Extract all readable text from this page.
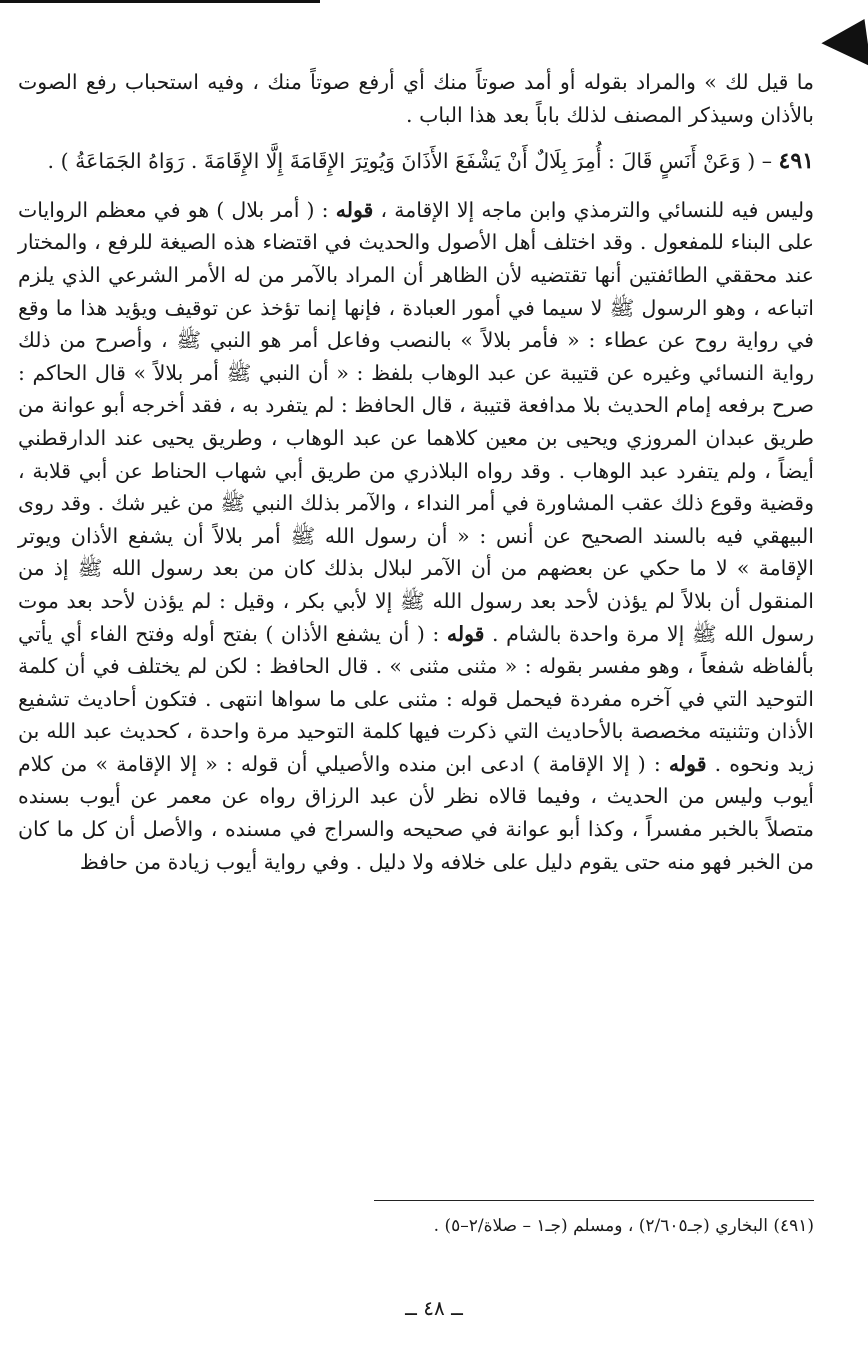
ما قيل لك » والمراد بقوله أو أمد صوتاً منك أي أرفع صوتاً منك ، وفيه استحباب رفع الصوت بالأذان وسيذكر المصنف لذلك باباً بعد هذا الباب .

٤٩١ – ( وَعَنْ أَنَسٍ قَالَ : أُمِرَ بِلَالٌ أَنْ يَشْفَعَ الأَذَانَ وَيُوتِرَ الإِقَامَةَ إِلَّا الإِقَامَةَ . رَوَاهُ الجَمَاعَةُ ) .

وليس فيه للنسائي والترمذي وابن ماجه إلا الإقامة ، قوله : ( أمر بلال ) هو في معظم الروايات على البناء للمفعول . وقد اختلف أهل الأصول والحديث في اقتضاء هذه الصيغة للرفع ، والمختار عند محققي الطائفتين أنها تقتضيه لأن الظاهر أن المراد بالآمر من له الأمر الشرعي الذي يلزم اتباعه ، وهو الرسول ﷺ لا سيما في أمور العبادة ، فإنها إنما تؤخذ عن توقيف ويؤيد هذا ما وقع في رواية روح عن عطاء : « فأمر بلالاً » بالنصب وفاعل أمر هو النبي ﷺ ، وأصرح من ذلك رواية النسائي وغيره عن قتيبة عن عبد الوهاب بلفظ : « أن النبي ﷺ أمر بلالاً » قال الحاكم : صرح برفعه إمام الحديث بلا مدافعة قتيبة ، قال الحافظ : لم يتفرد به ، فقد أخرجه أبو عوانة من طريق عبدان المروزي ويحيى بن معين كلاهما عن عبد الوهاب ، وطريق يحيى عند الدارقطني أيضاً ، ولم يتفرد عبد الوهاب . وقد رواه البلاذري من طريق أبي شهاب الحناط عن أبي قلابة ، وقضية وقوع ذلك عقب المشاورة في أمر النداء ، والآمر بذلك النبي ﷺ من غير شك . وقد روى البيهقي فيه بالسند الصحيح عن أنس : « أن رسول الله ﷺ أمر بلالاً أن يشفع الأذان ويوتر الإقامة » لا ما حكي عن بعضهم من أن الآمر لبلال بذلك كان من بعد رسول الله ﷺ إذ من المنقول أن بلالاً لم يؤذن لأحد بعد رسول الله ﷺ إلا لأبي بكر ، وقيل : لم يؤذن لأحد بعد موت رسول الله ﷺ إلا مرة واحدة بالشام . قوله : ( أن يشفع الأذان ) بفتح أوله وفتح الفاء أي يأتي بألفاظه شفعاً ، وهو مفسر بقوله : « مثنى مثنى » . قال الحافظ : لكن لم يختلف في أن كلمة التوحيد التي في آخره مفردة فيحمل قوله : مثنى على ما سواها انتهى . فتكون أحاديث تشفيع الأذان وتثنيته مخصصة بالأحاديث التي ذكرت فيها كلمة التوحيد مرة واحدة ، كحديث عبد الله بن زيد ونحوه . قوله : ( إلا الإقامة ) ادعى ابن منده والأصيلي أن قوله : « إلا الإقامة » من كلام أيوب وليس من الحديث ، وفيما قالاه نظر لأن عبد الرزاق رواه عن معمر عن أيوب بسنده متصلاً بالخبر مفسراً ، وكذا أبو عوانة في صحيحه والسراج في مسنده ، والأصل أن كل ما كان من الخبر فهو منه حتى يقوم دليل على خلافه ولا دليل . وفي رواية أيوب زيادة من حافظ

(٤٩١) البخاري (جـ٢/٦٠٥) ، ومسلم (جـ١ – صلاة/٢–٥) .
ــ ٤٨ ــ
